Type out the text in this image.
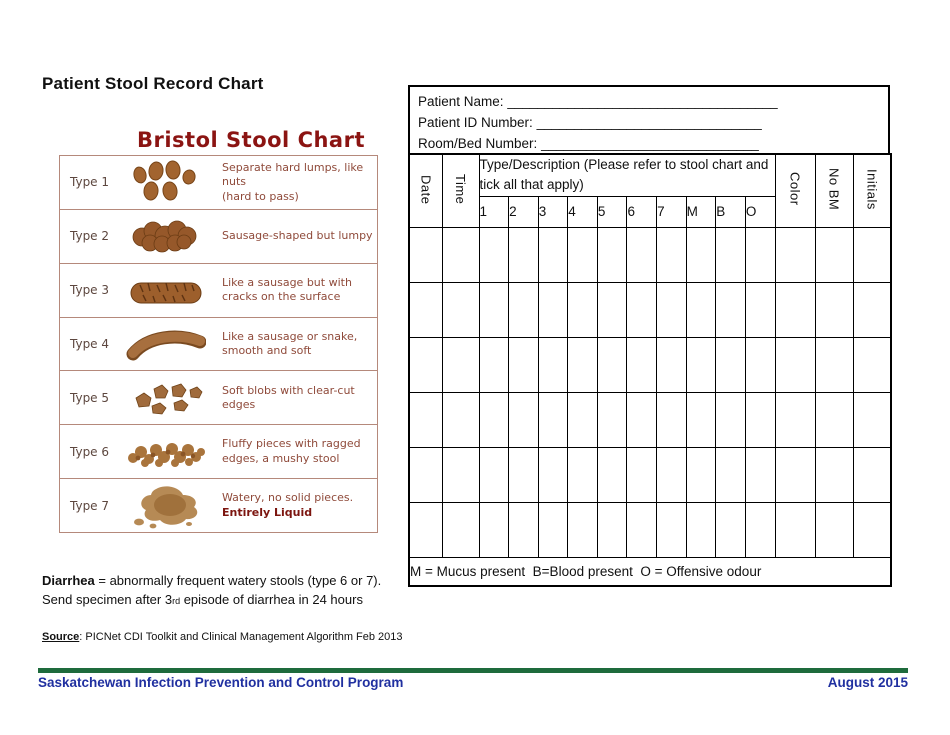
Patient Stool Record Chart
Bristol Stool Chart
Type 1
Separate hard lumps, like nuts
(hard to pass)
Type 2	Sausage-shaped but lumpy
Type 3
Like a sausage but with
cracks on the surface
Type 4
Like a sausage or snake,
smooth and soft
Type 5
Soft blobs with clear-cut
edges
Type 6
Fluffy pieces with ragged
edges, a mushy stool
Type 7
Watery, no solid pieces.
Entirely Liquid
Patient Name: ____________________________________
Patient ID Number: ______________________________
Room/Bed Number: _____________________________
Date	Time	Type/Description (Please refer to stool chart and tick all that apply)										Color	No BM	Initials
		1	2	3	4	5	6	7	M	B	O			

M = Mucus present  B=Blood present  O = Offensive odour														
Diarrhea = abnormally frequent watery stools (type 6 or 7).
Send specimen after 3rd episode of diarrhea in 24 hours
Source: PICNet CDI Toolkit and Clinical Management Algorithm Feb 2013
Saskatchewan Infection Prevention and Control Program	August 2015
